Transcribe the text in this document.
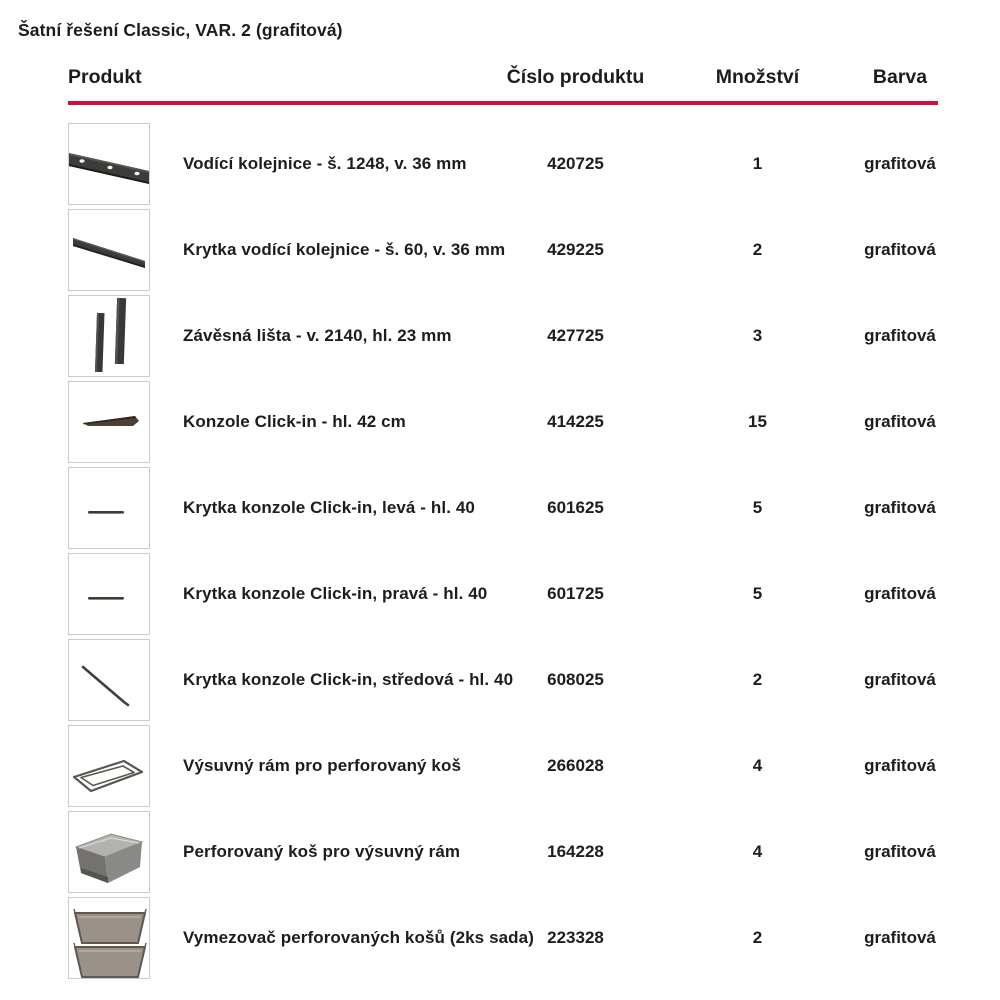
Šatní řešení Classic, VAR. 2 (grafitová)
Produkt	Číslo produktu	Množství	Barva
Vodící kolejnice - š. 1248, v. 36 mm	420725	1	grafitová
Krytka vodící kolejnice - š. 60, v. 36 mm	429225	2	grafitová
Závěsná lišta - v. 2140, hl. 23 mm	427725	3	grafitová
Konzole Click-in - hl. 42 cm	414225	15	grafitová
Krytka konzole Click-in, levá - hl. 40	601625	5	grafitová
Krytka konzole Click-in, pravá - hl. 40	601725	5	grafitová
Krytka konzole Click-in, středová - hl. 40	608025	2	grafitová
Výsuvný rám pro perforovaný koš	266028	4	grafitová
Perforovaný koš pro výsuvný rám	164228	4	grafitová
Vymezovač perforovaných košů (2ks sada) 223328	2	grafitová
